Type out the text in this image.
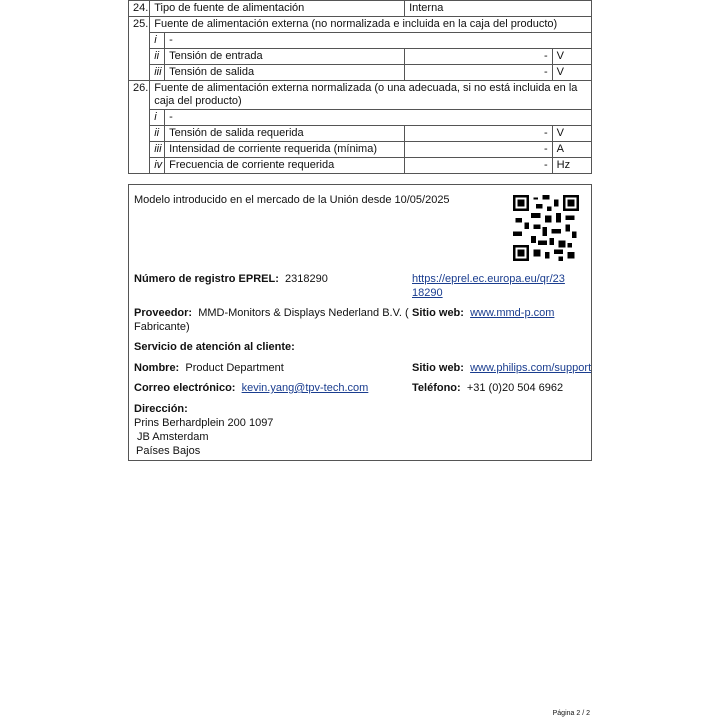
24.	Tipo de fuente de alimentación		Interna	
25.	Fuente de alimentación externa (no normalizada e incluida en la caja del producto)			
	i	-		
	ii	Tensión de entrada	-	V
	iii	Tensión de salida	-	V
26.	Fuente de alimentación externa normalizada (o una adecuada, si no está incluida en la caja del producto)			
	i	-		
	ii	Tensión de salida requerida	-	V
	iii	Intensidad de corriente requerida (mínima)	-	A
	iv	Frecuencia de corriente requerida	-	Hz
Modelo introducido en el mercado de la Unión desde 10/05/2025
Número de registro EPREL: 2318290	https://eprel.ec.europa.eu/qr/23
18290
Proveedor: MMD-Monitors & Displays Nederland B.V. (
Fabricante)
Sitio web: www.mmd-p.com
Servicio de atención al cliente:
Nombre: Product Department	Sitio web: www.philips.com/support
Correo electrónico: kevin.yang@tpv-tech.com	Teléfono: +31 (0)20 504 6962
Dirección:
Prins Berhardplein 200 1097
JB Amsterdam
Países Bajos
Página 2 / 2
